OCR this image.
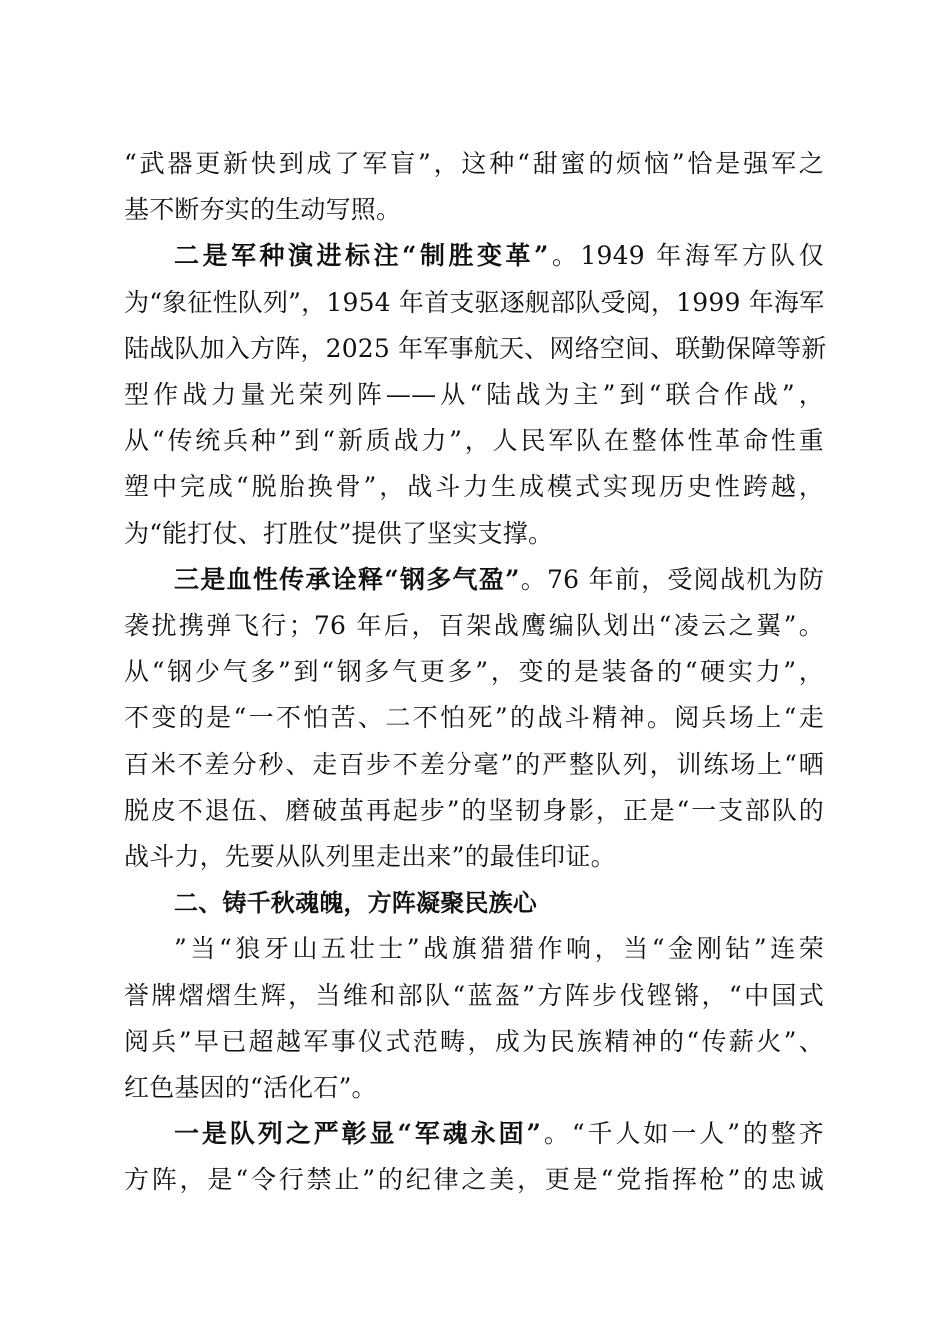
“武器更新快到成了军盲”，这种“甜蜜的烦恼”恰是强军之
基不断夯实的生动写照。
二是军种演进标注“制胜变革”。1949 年海军方队仅
为“象征性队列”，1954 年首支驱逐舰部队受阅，1999 年海军
陆战队加入方阵，2025 年军事航天、网络空间、联勤保障等新
型作战力量光荣列阵——从“陆战为主”到“联合作战”，
从“传统兵种”到“新质战力”，人民军队在整体性革命性重
塑中完成“脱胎换骨”，战斗力生成模式实现历史性跨越，
为“能打仗、打胜仗”提供了坚实支撑。
三是血性传承诠释“钢多气盈”。76 年前，受阅战机为防
袭扰携弹飞行；76 年后，百架战鹰编队划出“凌云之翼”。
从“钢少气多”到“钢多气更多”，变的是装备的“硬实力”，
不变的是“一不怕苦、二不怕死”的战斗精神。阅兵场上“走
百米不差分秒、走百步不差分毫”的严整队列，训练场上“晒
脱皮不退伍、磨破茧再起步”的坚韧身影，正是“一支部队的
战斗力，先要从队列里走出来”的最佳印证。
二、铸千秋魂魄，方阵凝聚民族心
”当“狼牙山五壮士”战旗猎猎作响，当“金刚钻”连荣
誉牌熠熠生辉，当维和部队“蓝盔”方阵步伐铿锵，“中国式
阅兵”早已超越军事仪式范畴，成为民族精神的“传薪火”、
红色基因的“活化石”。
一是队列之严彰显“军魂永固”。“千人如一人”的整齐
方阵，是“令行禁止”的纪律之美，更是“党指挥枪”的忠诚
